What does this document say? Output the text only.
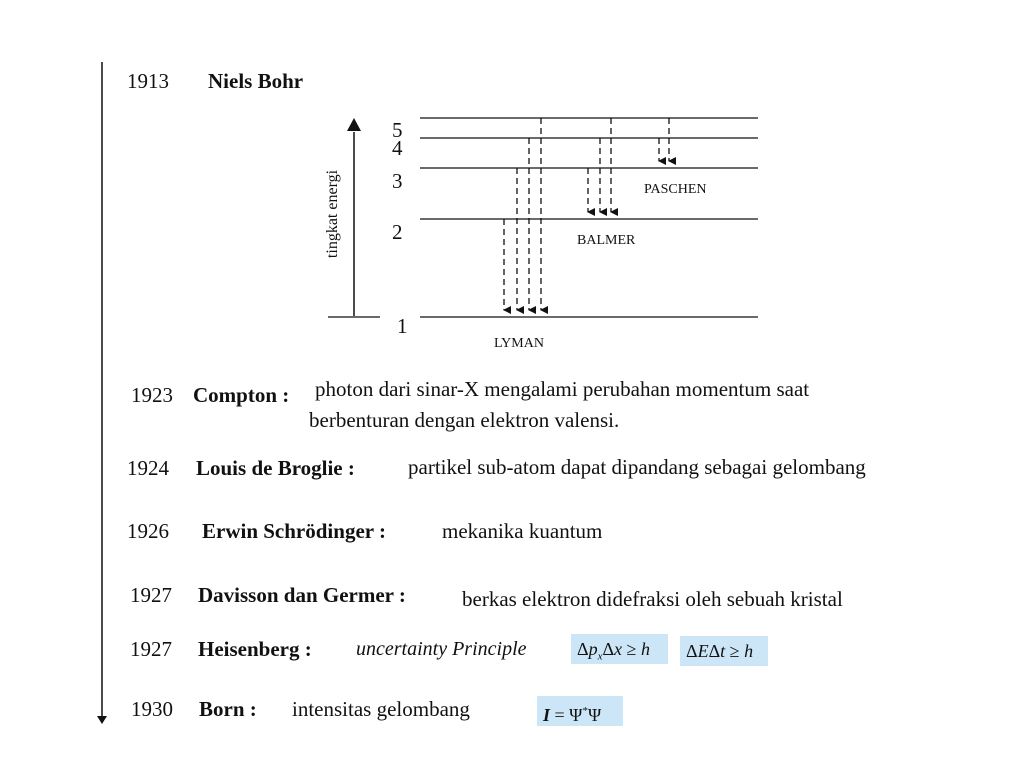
1913 Niels Bohr
tingkat energi
5
4
3
2
1
LYMAN
BALMER
PASCHEN
1923 Compton : photon dari sinar-X mengalami perubahan momentum saat
berbenturan dengan elektron valensi.
1924 Louis de Broglie :	partikel sub-atom dapat dipandang sebagai gelombang
1926 Erwin Schrödinger :	mekanika kuantum
1927 Davisson dan Germer :	berkas elektron didefraksi oleh sebuah kristal
1927 Heisenberg : uncertainty Principle	$\Delta p_x\Delta x \ge h$	ΔEΔt ≥ h
1930 Born : intensitas gelombang	I = Ψ*Ψ
